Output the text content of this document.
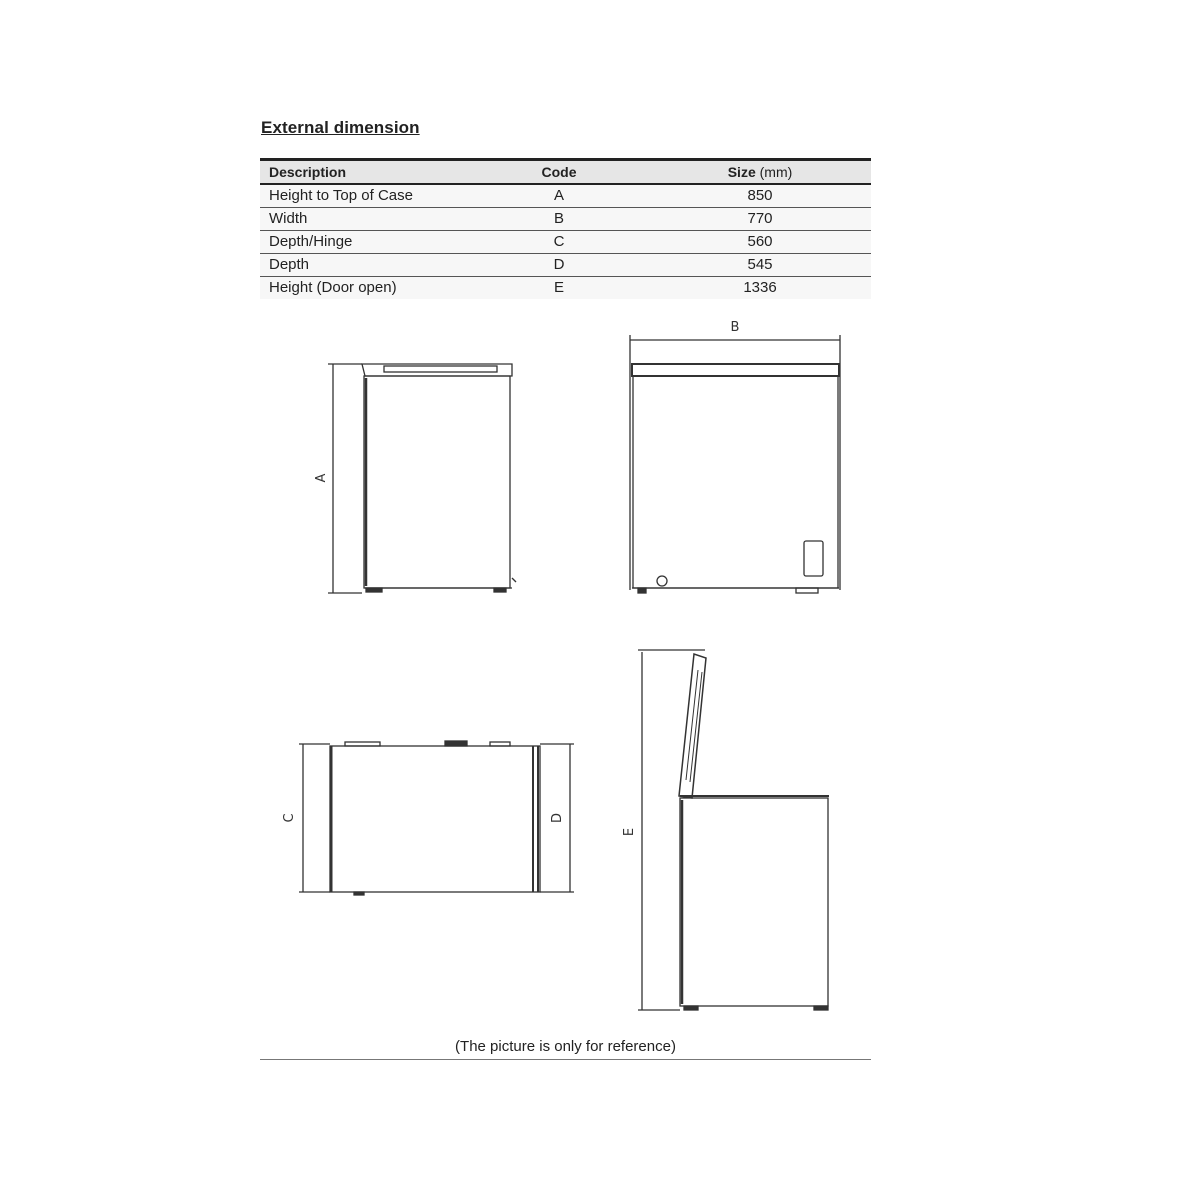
External dimension
Description	Code	Size (mm)
Height to Top of Case	A	850
Width	B	770
Depth/Hinge	C	560
Depth	D	545
Height (Door open)	E	1336
A
B
C	D
E
(The picture is only for reference)
